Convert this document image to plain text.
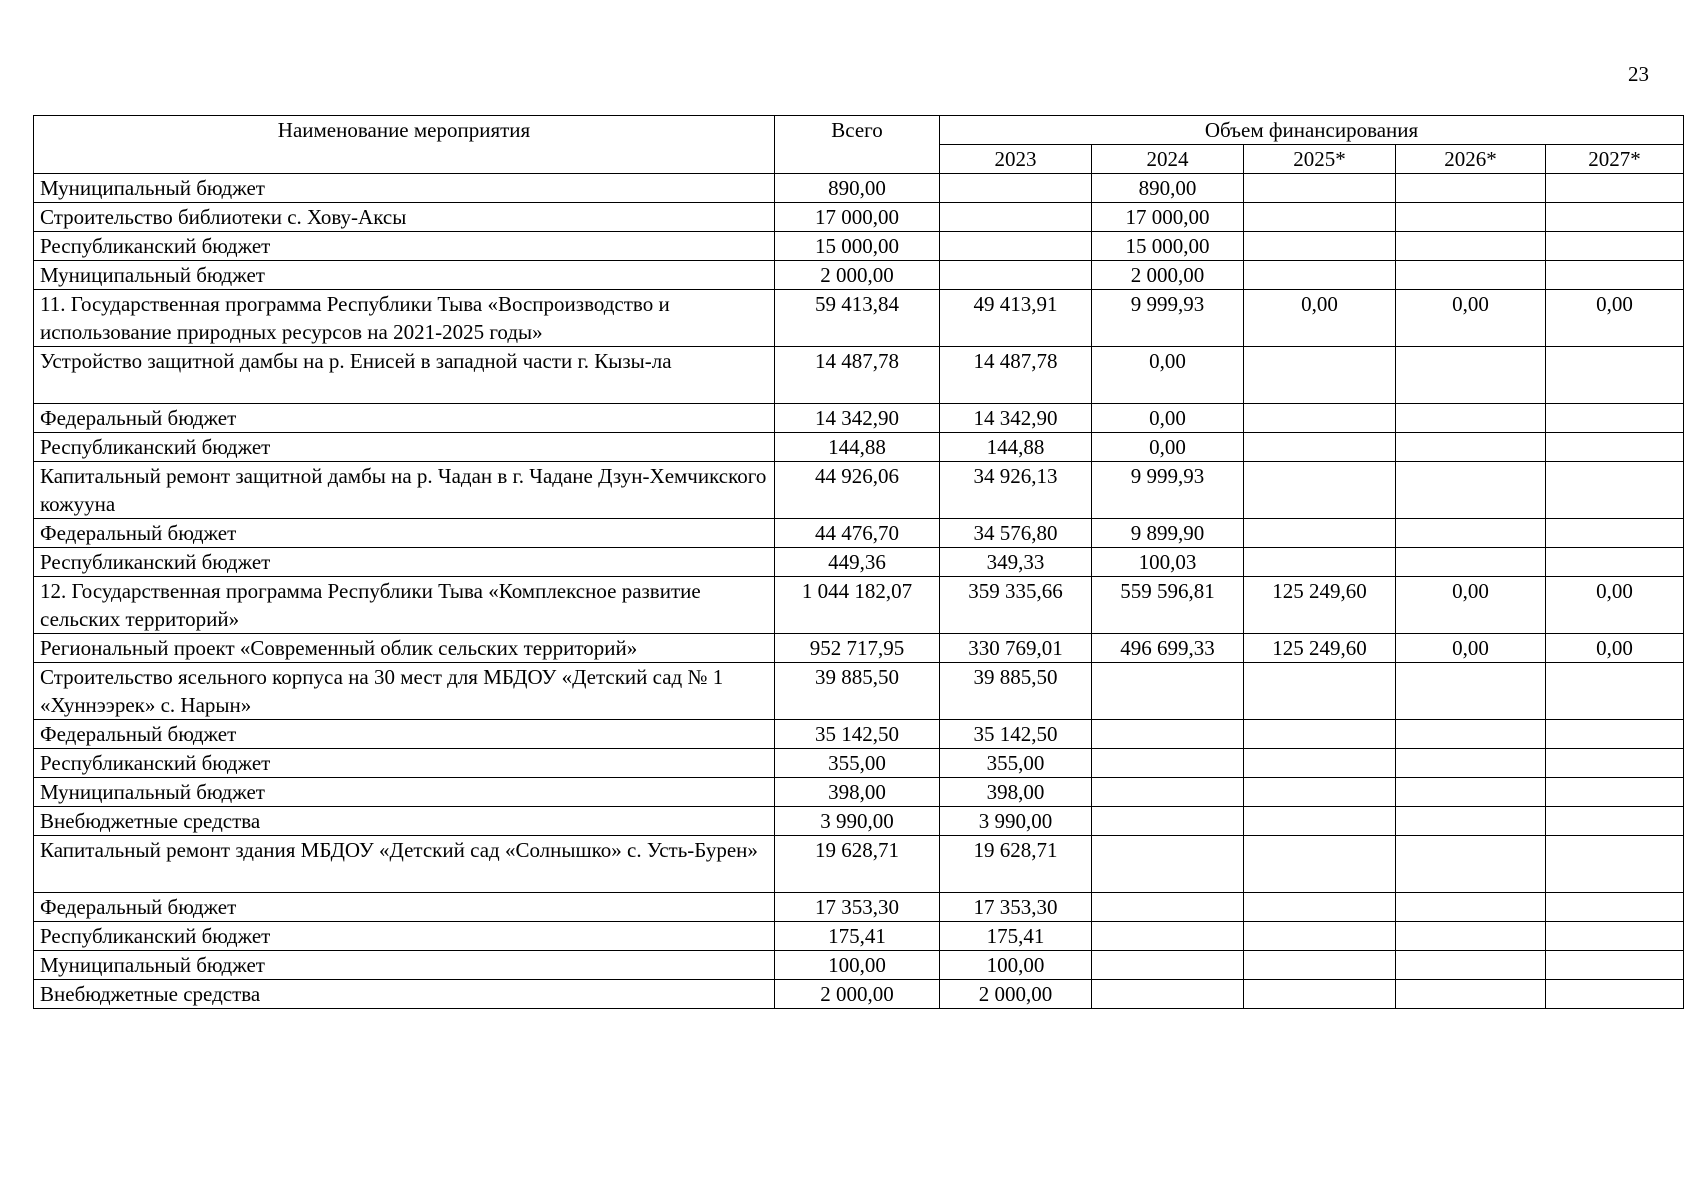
23
Наименование мероприятия	Всего	Объем финансирования				
		2023	2024	2025*	2026*	2027*
Муниципальный бюджет	890,00		890,00			
Строительство библиотеки с. Хову-Аксы	17 000,00		17 000,00			
Республиканский бюджет	15 000,00		15 000,00			
Муниципальный бюджет	2 000,00		2 000,00			
11. Государственная программа Республики Тыва «Воспроизводство и использование природных ресурсов на 2021-2025 годы»	59 413,84	49 413,91	9 999,93	0,00	0,00	0,00
Устройство защитной дамбы на р. Енисей в западной части г. Кызы-ла	14 487,78	14 487,78	0,00			
Федеральный бюджет	14 342,90	14 342,90	0,00			
Республиканский бюджет	144,88	144,88	0,00			
Капитальный ремонт защитной дамбы на р. Чадан в г. Чадане Дзун-Хемчикского кожууна	44 926,06	34 926,13	9 999,93			
Федеральный бюджет	44 476,70	34 576,80	9 899,90			
Республиканский бюджет	449,36	349,33	100,03			
12. Государственная программа Республики Тыва «Комплексное развитие сельских территорий»	1 044 182,07	359 335,66	559 596,81	125 249,60	0,00	0,00
Региональный проект «Современный облик сельских территорий»	952 717,95	330 769,01	496 699,33	125 249,60	0,00	0,00
Строительство ясельного корпуса на 30 мест для МБДОУ «Детский сад № 1 «Хуннээрек» с. Нарын»	39 885,50	39 885,50				
Федеральный бюджет	35 142,50	35 142,50				
Республиканский бюджет	355,00	355,00				
Муниципальный бюджет	398,00	398,00				
Внебюджетные средства	3 990,00	3 990,00				
Капитальный ремонт здания МБДОУ «Детский сад «Солнышко» с. Усть-Бурен»	19 628,71	19 628,71				
Федеральный бюджет	17 353,30	17 353,30				
Республиканский бюджет	175,41	175,41				
Муниципальный бюджет	100,00	100,00				
Внебюджетные средства	2 000,00	2 000,00				
